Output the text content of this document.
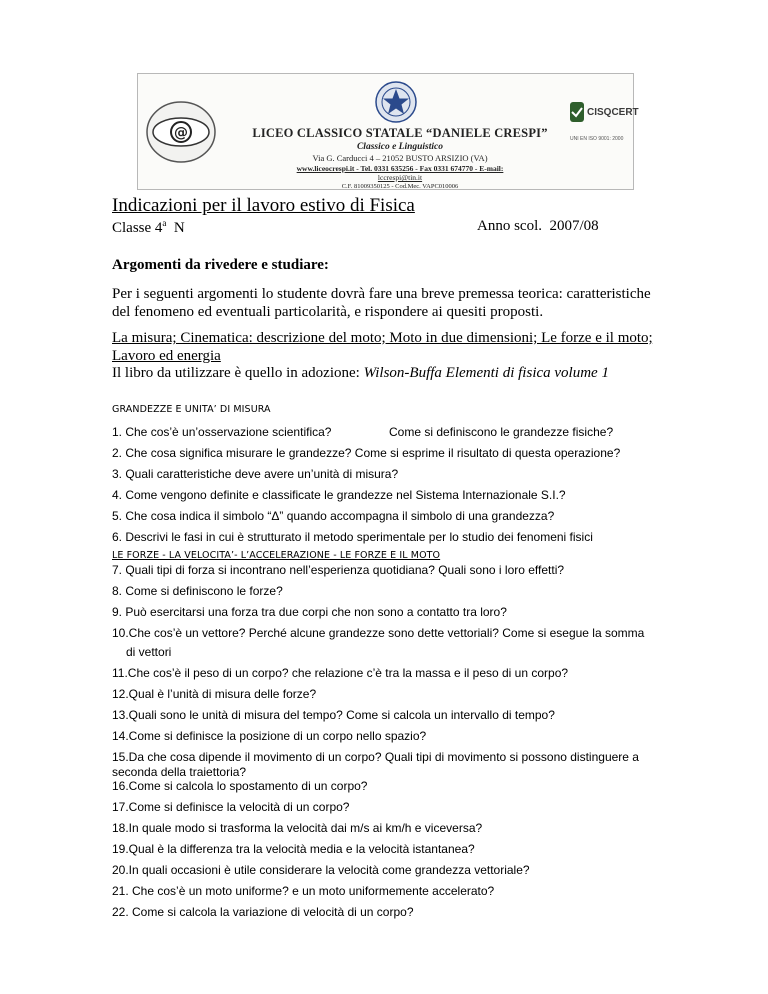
@	LICEO CLASSICO STATALE “DANIELE CRESPI”
Classico e Linguistico
Via G. Carducci 4 – 21052 BUSTO ARSIZIO (VA)
www.liceocrespi.it - Tel. 0331 635256 - Fax 0331 674770 - E-mail:
lccrespi@tin.it
C.F. 81009350125 - Cod.Mec. VAPC010006
CISQCERT
UNI EN ISO 9001: 2000
Indicazioni per il lavoro estivo di Fisica
Classe 4$^a$  N	Anno scol.  2007/08
Argomenti da rivedere e studiare:
Per i seguenti argomenti lo studente dovrà fare una breve premessa teorica: caratteristiche del fenomeno ed eventuali particolarità, e rispondere ai quesiti proposti.
La misura; Cinematica: descrizione del moto; Moto in due dimensioni; Le forze e il moto; Lavoro ed energia
Il libro da utilizzare è quello in adozione: Wilson-Buffa Elementi di fisica volume 1
GRANDEZZE E UNITA’ DI MISURA
1. Che cos’è un’osservazione scientifica?	Come si definiscono le grandezze fisiche?
2. Che cosa significa misurare le grandezze? Come si esprime il risultato di questa operazione?
3. Quali caratteristiche deve avere un’unità di misura?
4. Come vengono definite e classificate le grandezze nel Sistema Internazionale S.I.?
5. Che cosa indica il simbolo “Δ” quando accompagna il simbolo di una grandezza?
6. Descrivi le fasi in cui è strutturato il metodo sperimentale per lo studio dei fenomeni fisici
LE FORZE - LA VELOCITA’- L’ACCELERAZIONE - LE FORZE E IL MOTO
7. Quali tipi di forza si incontrano nell’esperienza quotidiana? Quali sono i loro effetti?
8. Come si definiscono le forze?
9. Può esercitarsi una forza tra due corpi che non sono a contatto tra loro?
10.Che cos’è un vettore? Perché alcune grandezze sono dette vettoriali? Come si esegue la somma
di vettori
11.Che cos’è il peso di un corpo? che relazione c’è tra la massa e il peso di un corpo?
12.Qual è l’unità di misura delle forze?
13.Quali sono le unità di misura del tempo? Come si calcola un intervallo di tempo?
14.Come si definisce la posizione di un corpo nello spazio?
15.Da che cosa dipende il movimento di un corpo? Quali tipi di movimento si possono distinguere a seconda della traiettoria?
16.Come si calcola lo spostamento di un corpo?
17.Come si definisce la velocità di un corpo?
18.In quale modo si trasforma la velocità dai m/s ai km/h e viceversa?
19.Qual è la differenza tra la velocità media e la velocità istantanea?
20.In quali occasioni è utile considerare la velocità come grandezza vettoriale?
21. Che cos’è un moto uniforme? e un moto uniformemente accelerato?
22. Come si calcola la variazione di velocità di un corpo?
